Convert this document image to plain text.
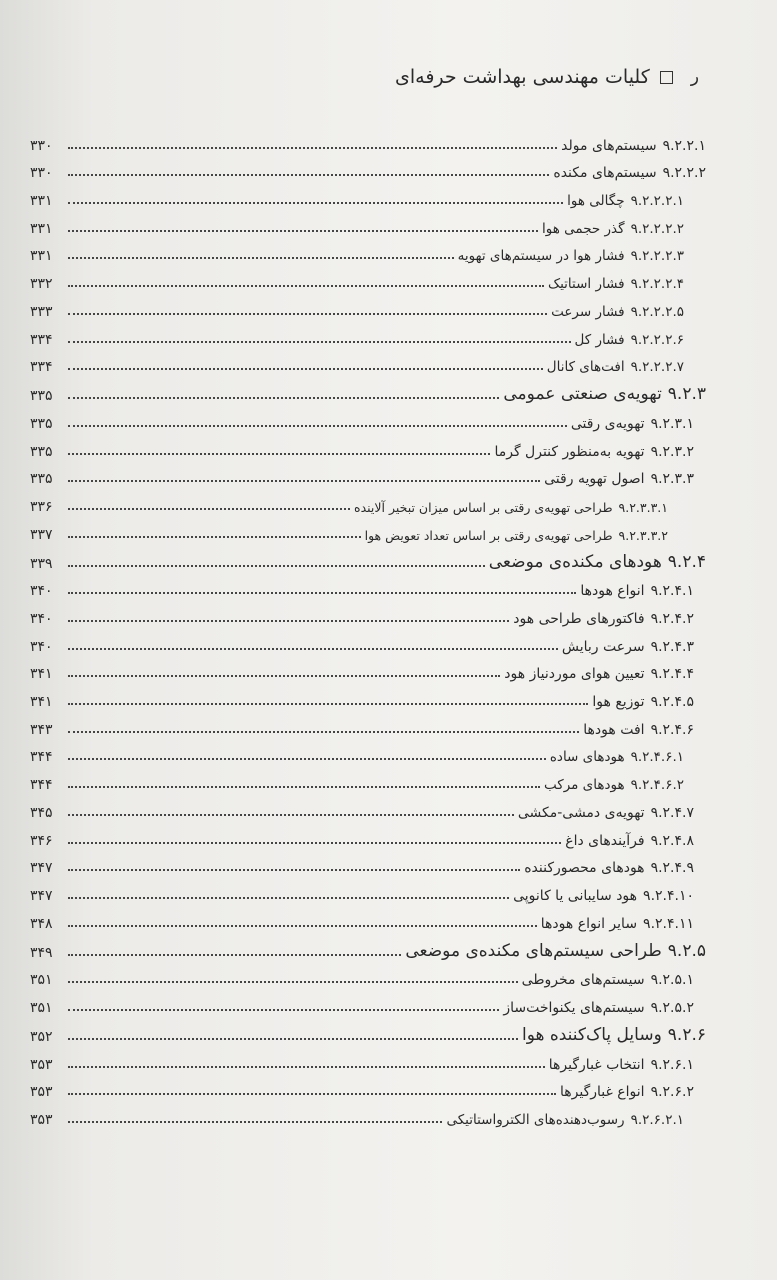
ر
کلیات مهندسی بهداشت حرفه‌ای
۹.۲.۲.۱
سیستم‌های مولد
۳۳۰
۹.۲.۲.۲
سیستم‌های مکنده
۳۳۰
۹.۲.۲.۲.۱
چگالی هوا
۳۳۱
۹.۲.۲.۲.۲
گذر حجمی هوا
۳۳۱
۹.۲.۲.۲.۳
فشار هوا در سیستم‌های تهویه
۳۳۱
۹.۲.۲.۲.۴
فشار استاتیک
۳۳۲
۹.۲.۲.۲.۵
فشار سرعت
۳۳۳
۹.۲.۲.۲.۶
فشار کل
۳۳۴
۹.۲.۲.۲.۷
افت‌های کانال
۳۳۴
۹.۲.۳
تهویه‌ی صنعتی عمومی
۳۳۵
۹.۲.۳.۱
تهویه‌ی رقتی
۳۳۵
۹.۲.۳.۲
تهویه به‌منظور کنترل گرما
۳۳۵
۹.۲.۳.۳
اصول تهویه رقتی
۳۳۵
۹.۲.۳.۳.۱
طراحی تهویه‌ی رقتی بر اساس میزان تبخیر آلاینده
۳۳۶
۹.۲.۳.۳.۲
طراحی تهویه‌ی رقتی بر اساس تعداد تعویض هوا
۳۳۷
۹.۲.۴
هودهای مکنده‌ی موضعی
۳۳۹
۹.۲.۴.۱
انواع هودها
۳۴۰
۹.۲.۴.۲
فاکتورهای طراحی هود
۳۴۰
۹.۲.۴.۳
سرعت ربایش
۳۴۰
۹.۲.۴.۴
تعیین هوای موردنیاز هود
۳۴۱
۹.۲.۴.۵
توزیع هوا
۳۴۱
۹.۲.۴.۶
افت هودها
۳۴۳
۹.۲.۴.۶.۱
هودهای ساده
۳۴۴
۹.۲.۴.۶.۲
هودهای مرکب
۳۴۴
۹.۲.۴.۷
تهویه‌ی دمشی-مکشی
۳۴۵
۹.۲.۴.۸
فرآیندهای داغ
۳۴۶
۹.۲.۴.۹
هودهای محصورکننده
۳۴۷
۹.۲.۴.۱۰
هود سایبانی یا کانوپی
۳۴۷
۹.۲.۴.۱۱
سایر انواع هودها
۳۴۸
۹.۲.۵
طراحی سیستم‌های مکنده‌ی موضعی
۳۴۹
۹.۲.۵.۱
سیستم‌های مخروطی
۳۵۱
۹.۲.۵.۲
سیستم‌های یکنواخت‌ساز
۳۵۱
۹.۲.۶
وسایل پاک‌کننده هوا
۳۵۲
۹.۲.۶.۱
انتخاب غبارگیرها
۳۵۳
۹.۲.۶.۲
انواع غبارگیرها
۳۵۳
۹.۲.۶.۲.۱
رسوب‌دهنده‌های الکترواستاتیکی
۳۵۳
